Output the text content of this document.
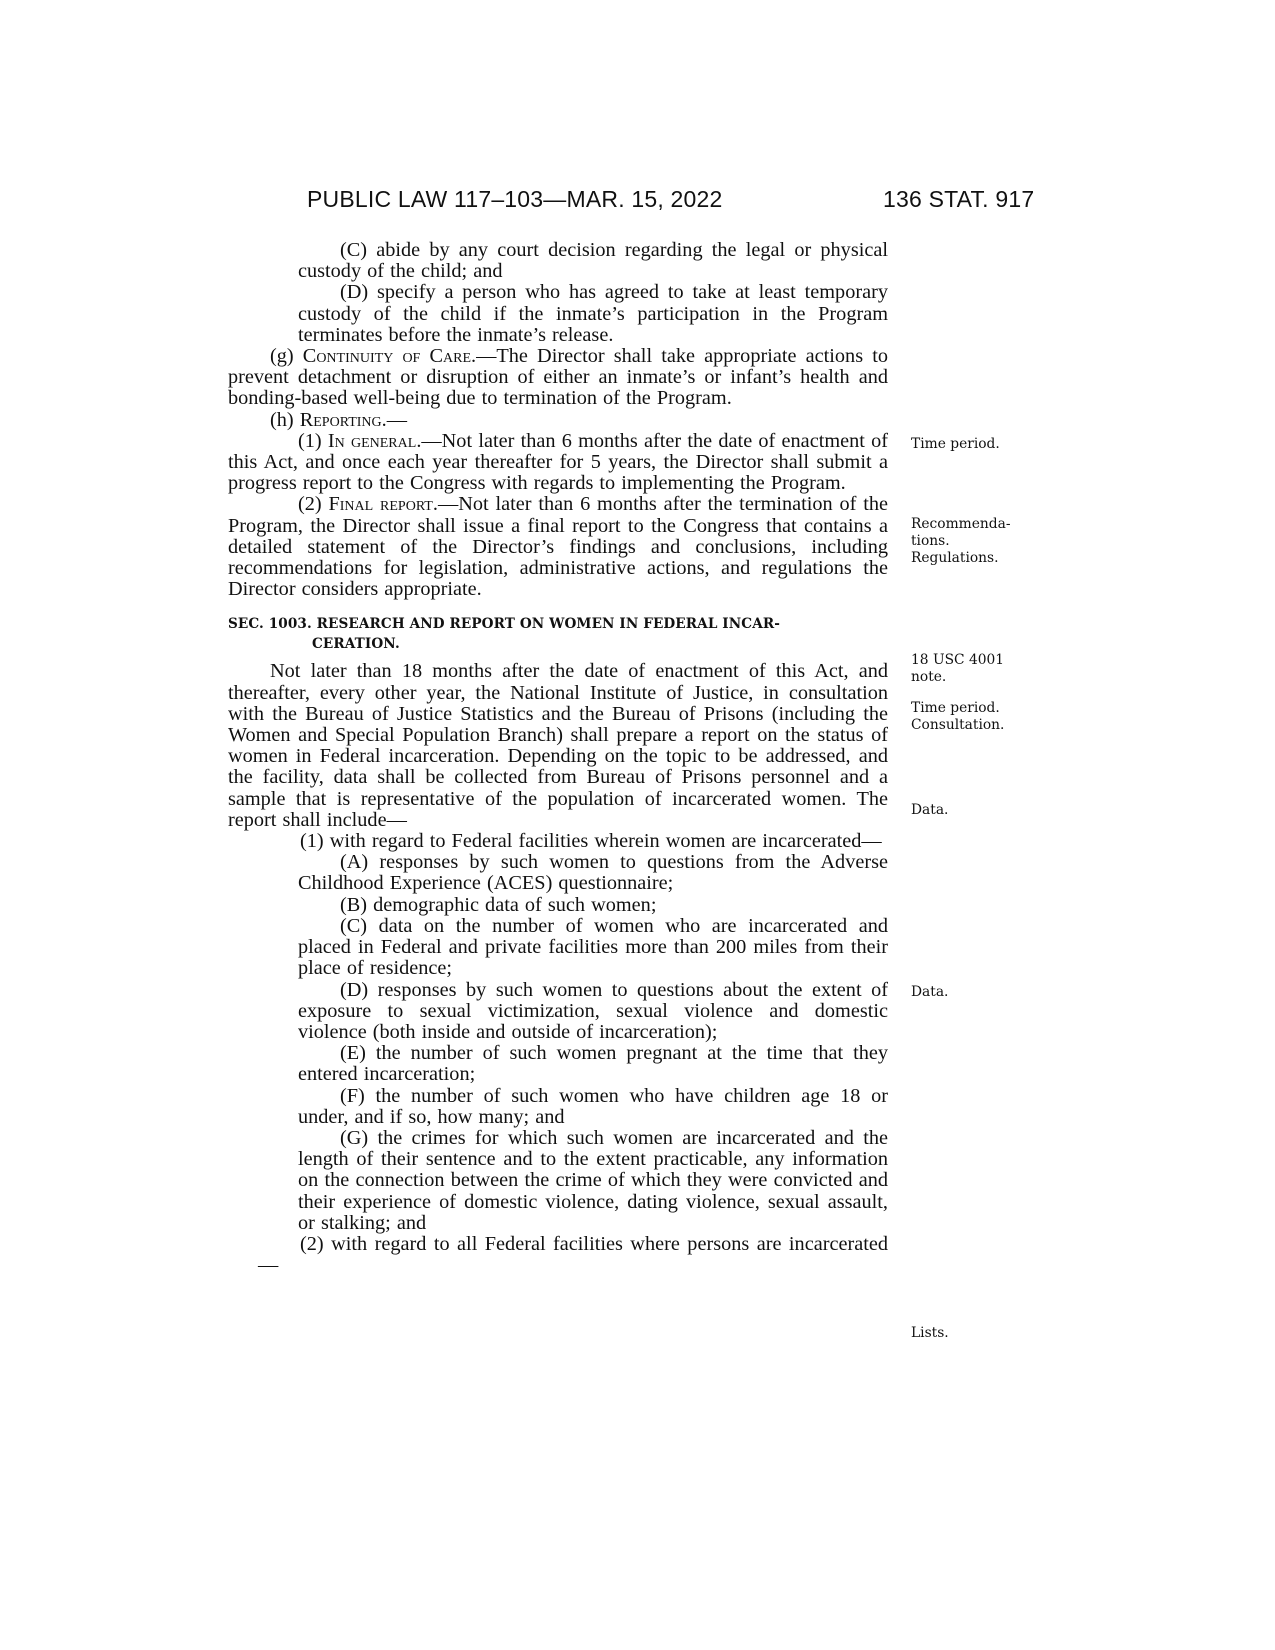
PUBLIC LAW 117–103—MAR. 15, 2022	136 STAT. 917

(C) abide by any court decision regarding the legal or physical custody of the child; and

(D) specify a person who has agreed to take at least temporary custody of the child if the inmate’s participation in the Program terminates before the inmate’s release.

(g) Continuity of Care.—The Director shall take appropriate actions to prevent detachment or disruption of either an inmate’s or infant’s health and bonding-based well-being due to termination of the Program.

(h) Reporting.—

(1) In general.—Not later than 6 months after the date of enactment of this Act, and once each year thereafter for 5 years, the Director shall submit a progress report to the Congress with regards to implementing the Program.

(2) Final report.—Not later than 6 months after the termination of the Program, the Director shall issue a final report to the Congress that contains a detailed statement of the Director’s findings and conclusions, including recommendations for legislation, administrative actions, and regulations the Director considers appropriate.

SEC. 1003. RESEARCH AND REPORT ON WOMEN IN FEDERAL INCAR-
CERATION.

Not later than 18 months after the date of enactment of this Act, and thereafter, every other year, the National Institute of Justice, in consultation with the Bureau of Justice Statistics and the Bureau of Prisons (including the Women and Special Population Branch) shall prepare a report on the status of women in Federal incarceration. Depending on the topic to be addressed, and the facility, data shall be collected from Bureau of Prisons personnel and a sample that is representative of the population of incarcerated women. The report shall include—

(1) with regard to Federal facilities wherein women are incarcerated—

(A) responses by such women to questions from the Adverse Childhood Experience (ACES) questionnaire;

(B) demographic data of such women;

(C) data on the number of women who are incarcerated and placed in Federal and private facilities more than 200 miles from their place of residence;

(D) responses by such women to questions about the extent of exposure to sexual victimization, sexual violence and domestic violence (both inside and outside of incarceration);

(E) the number of such women pregnant at the time that they entered incarceration;

(F) the number of such women who have children age 18 or under, and if so, how many; and

(G) the crimes for which such women are incarcerated and the length of their sentence and to the extent practicable, any information on the connection between the crime of which they were convicted and their experience of domestic violence, dating violence, sexual assault, or stalking; and

(2) with regard to all Federal facilities where persons are incarcerated—

Time period.
Recommenda-
tions.
Regulations.
18 USC 4001
note.
Time period.
Consultation.
Data.
Data.
Lists.
